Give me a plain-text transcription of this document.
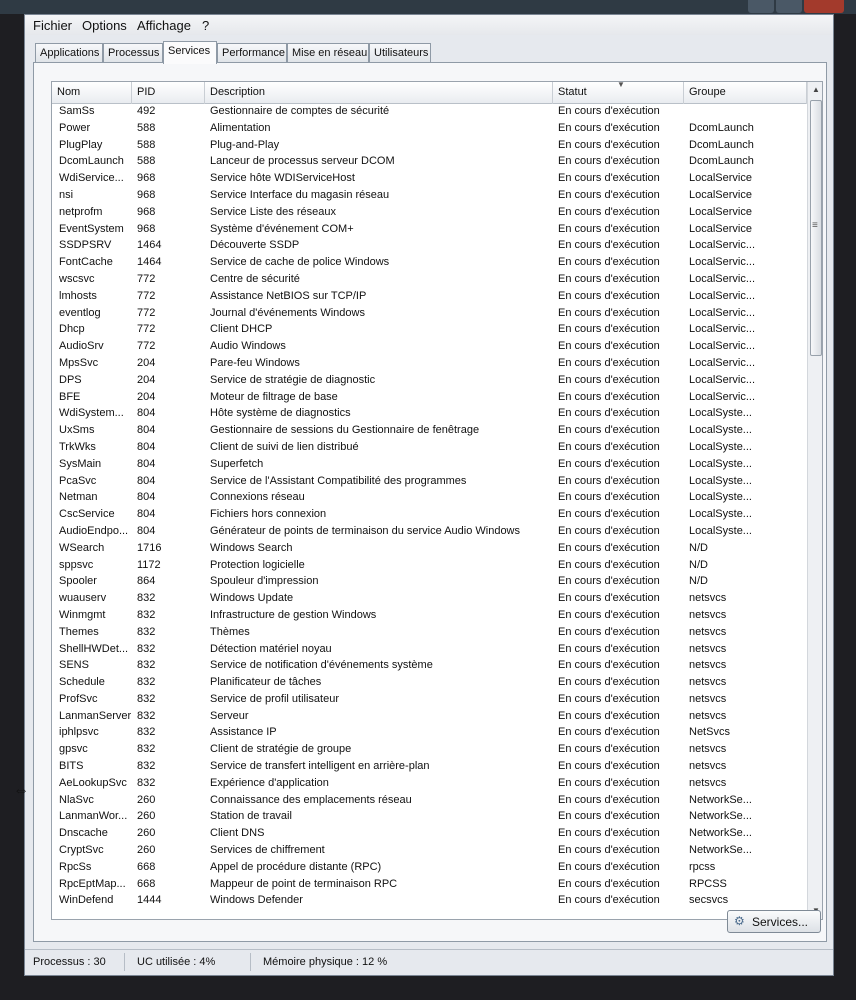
Fichier Options Affichage ?
Applications Processus Services	Performance Mise en réseau Utilisateurs
Nom	PID	Description	Statut	Groupe
▼
SamSs	492	Gestionnaire de comptes de sécurité	En cours d'exécution
Power	588	Alimentation	En cours d'exécution	DcomLaunch
PlugPlay	588	Plug-and-Play	En cours d'exécution	DcomLaunch
DcomLaunch	588	Lanceur de processus serveur DCOM	En cours d'exécution	DcomLaunch
WdiService...	968	Service hôte WDIServiceHost	En cours d'exécution	LocalService
nsi	968	Service Interface du magasin réseau	En cours d'exécution	LocalService
netprofm	968	Service Liste des réseaux	En cours d'exécution	LocalService
EventSystem	968	Système d'événement COM+	En cours d'exécution	LocalService
SSDPSRV	1464	Découverte SSDP	En cours d'exécution	LocalServic...
FontCache	1464	Service de cache de police Windows	En cours d'exécution	LocalServic...
wscsvc	772	Centre de sécurité	En cours d'exécution	LocalServic...
lmhosts	772	Assistance NetBIOS sur TCP/IP	En cours d'exécution	LocalServic...
eventlog	772	Journal d'événements Windows	En cours d'exécution	LocalServic...
Dhcp	772	Client DHCP	En cours d'exécution	LocalServic...
AudioSrv	772	Audio Windows	En cours d'exécution	LocalServic...
MpsSvc	204	Pare-feu Windows	En cours d'exécution	LocalServic...
DPS	204	Service de stratégie de diagnostic	En cours d'exécution	LocalServic...
BFE	204	Moteur de filtrage de base	En cours d'exécution	LocalServic...
WdiSystem...	804	Hôte système de diagnostics	En cours d'exécution	LocalSyste...
UxSms	804	Gestionnaire de sessions du Gestionnaire de fenêtrage	En cours d'exécution	LocalSyste...
TrkWks	804	Client de suivi de lien distribué	En cours d'exécution	LocalSyste...
SysMain	804	Superfetch	En cours d'exécution	LocalSyste...
PcaSvc	804	Service de l'Assistant Compatibilité des programmes	En cours d'exécution	LocalSyste...
Netman	804	Connexions réseau	En cours d'exécution	LocalSyste...
CscService	804	Fichiers hors connexion	En cours d'exécution	LocalSyste...
AudioEndpo... 804	Générateur de points de terminaison du service Audio Windows	En cours d'exécution	LocalSyste...
WSearch	1716	Windows Search	En cours d'exécution	N/D
sppsvc	1172	Protection logicielle	En cours d'exécution	N/D
Spooler	864	Spouleur d'impression	En cours d'exécution	N/D
wuauserv	832	Windows Update	En cours d'exécution	netsvcs
Winmgmt	832	Infrastructure de gestion Windows	En cours d'exécution	netsvcs
Themes	832	Thèmes	En cours d'exécution	netsvcs
ShellHWDet... 832	Détection matériel noyau	En cours d'exécution	netsvcs
SENS	832	Service de notification d'événements système	En cours d'exécution	netsvcs
Schedule	832	Planificateur de tâches	En cours d'exécution	netsvcs
ProfSvc	832	Service de profil utilisateur	En cours d'exécution	netsvcs
LanmanServer 832	Serveur	En cours d'exécution	netsvcs
iphlpsvc	832	Assistance IP	En cours d'exécution	NetSvcs
gpsvc	832	Client de stratégie de groupe	En cours d'exécution	netsvcs
BITS	832	Service de transfert intelligent en arrière-plan	En cours d'exécution	netsvcs
AeLookupSvc 832	Expérience d'application	En cours d'exécution	netsvcs
NlaSvc	260	Connaissance des emplacements réseau	En cours d'exécution	NetworkSe...
LanmanWor... 260	Station de travail	En cours d'exécution	NetworkSe...
Dnscache	260	Client DNS	En cours d'exécution	NetworkSe...
CryptSvc	260	Services de chiffrement	En cours d'exécution	NetworkSe...
RpcSs	668	Appel de procédure distante (RPC)	En cours d'exécution	rpcss
RpcEptMap...	668	Mappeur de point de terminaison RPC	En cours d'exécution	RPCSS
WinDefend	1444	Windows Defender	En cours d'exécution	secsvcs
▲
≡
⚙ Services...
Processus : 30	UC utilisée : 4%	Mémoire physique : 12 %
⇔
